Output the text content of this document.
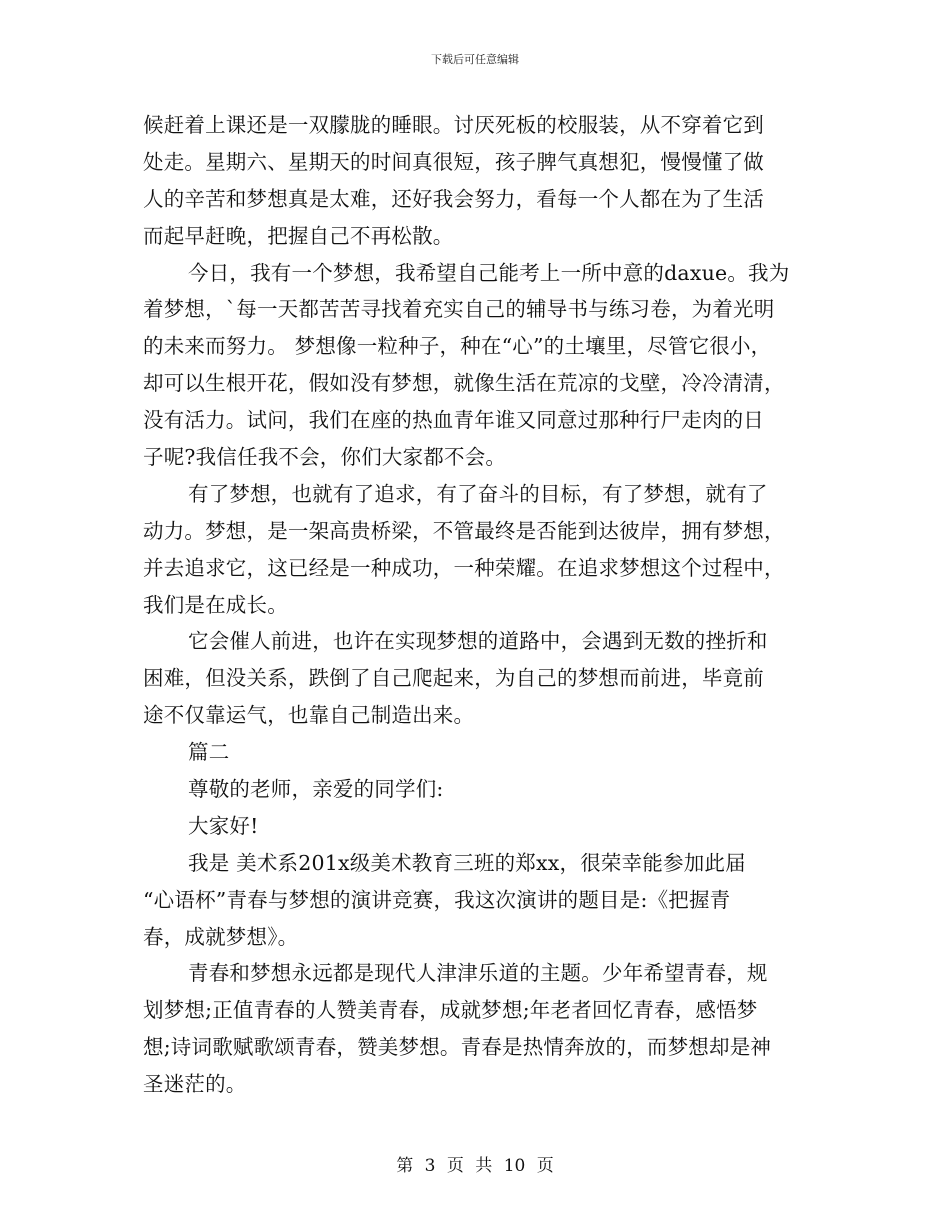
下载后可任意编辑
候赶着上课还是一双朦胧的睡眼。讨厌死板的校服装，从不穿着它到
处走。星期六、星期天的时间真很短，孩子脾气真想犯，慢慢懂了做
人的辛苦和梦想真是太难，还好我会努力，看每一个人都在为了生活
而起早赶晚，把握自己不再松散。
今日，我有一个梦想，我希望自己能考上一所中意的daxue。我为
着梦想，`每一天都苦苦寻找着充实自己的辅导书与练习卷，为着光明
的未来而努力。 梦想像一粒种子，种在“心”的土壤里，尽管它很小，
却可以生根开花，假如没有梦想，就像生活在荒凉的戈壁，冷冷清清，
没有活力。试问，我们在座的热血青年谁又同意过那种行尸走肉的日
子呢?我信任我不会，你们大家都不会。
有了梦想，也就有了追求，有了奋斗的目标，有了梦想，就有了
动力。梦想，是一架高贵桥梁，不管最终是否能到达彼岸，拥有梦想，
并去追求它，这已经是一种成功，一种荣耀。在追求梦想这个过程中，
我们是在成长。
它会催人前进，也许在实现梦想的道路中，会遇到无数的挫折和
困难，但没关系，跌倒了自己爬起来，为自己的梦想而前进，毕竟前
途不仅靠运气，也靠自己制造出来。
篇二
尊敬的老师，亲爱的同学们:
大家好!
我是 美术系201x级美术教育三班的郑xx，很荣幸能参加此届
“心语杯”青春与梦想的演讲竞赛，我这次演讲的题目是:《把握青
春，成就梦想》。
青春和梦想永远都是现代人津津乐道的主题。少年希望青春，规
划梦想;正值青春的人赞美青春，成就梦想;年老者回忆青春，感悟梦
想;诗词歌赋歌颂青春，赞美梦想。青春是热情奔放的，而梦想却是神
圣迷茫的。
第 3 页 共 10 页
